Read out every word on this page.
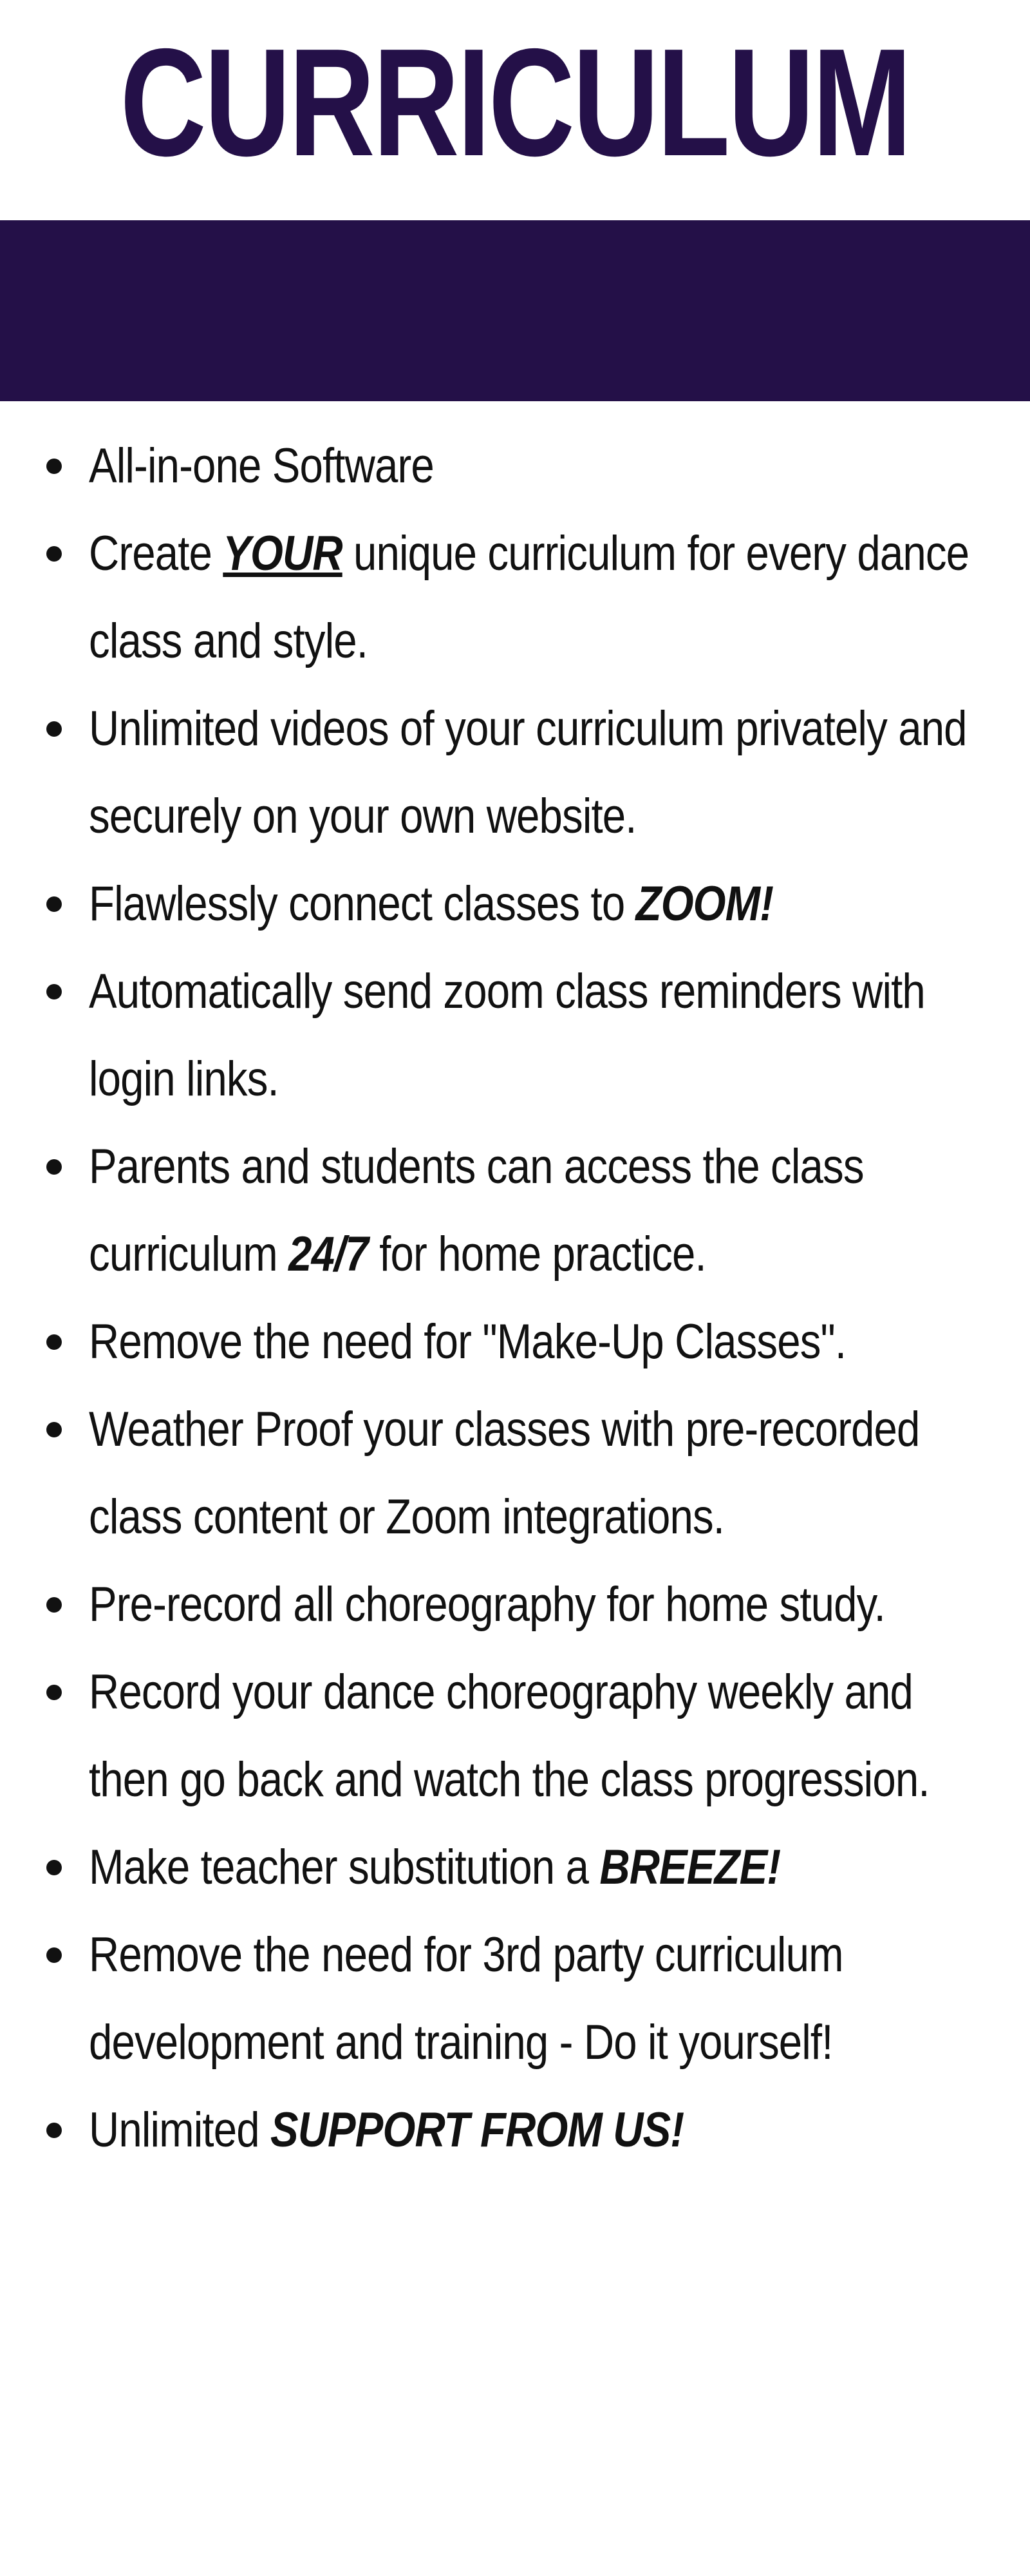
CURRICULUM
All-in-one Software
Create YOUR unique curriculum for every dance class and style.
Unlimited videos of your curriculum privately and securely on your own website.
Flawlessly connect classes to ZOOM!
Automatically send zoom class reminders with login links.
Parents and students can access the class curriculum 24/7 for home practice.
Remove the need for "Make-Up Classes".
Weather Proof your classes with pre-recorded class content or Zoom integrations.
Pre-record all choreography for home study.
Record your dance choreography weekly and then go back and watch the class progression.
Make teacher substitution a BREEZE!
Remove the need for 3rd party curriculum development and training - Do it yourself!
Unlimited SUPPORT FROM US!
